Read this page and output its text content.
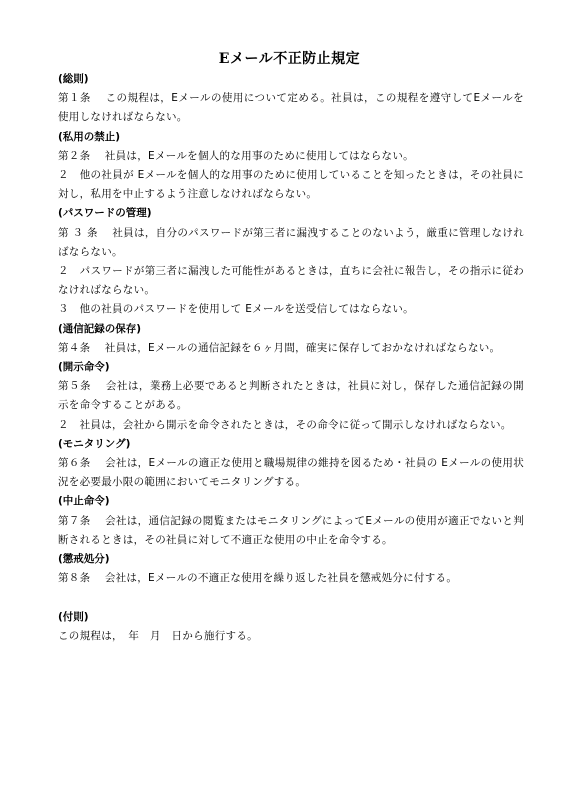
Eメール不正防止規定
(総則)
第１条　 この規程は，Eメールの使用について定める。社員は，この規程を遵守してEメールを使用しなければならない。
(私用の禁止)
第２条　 社員は，Eメールを個人的な用事のために使用してはならない。
２　他の社員が Eメールを個人的な用事のために使用していることを知ったときは，その社員に対し，私用を中止するよう注意しなければならない。
(パスワードの管理)
第 ３ 条　 社員は，自分のパスワードが第三者に漏洩することのないよう，厳重に管理しなければならない。
２　パスワードが第三者に漏洩した可能性があるときは，直ちに会社に報告し，その指示に従わなければならない。
３　他の社員のパスワードを使用して Eメールを送受信してはならない。
(通信記録の保存)
第４条　 社員は，Eメールの通信記録を６ヶ月間，確実に保存しておかなければならない。
(開示命令)
第５条　 会社は，業務上必要であると判断されたときは，社員に対し，保存した通信記録の開示を命令することがある。
２　社員は，会社から開示を命令されたときは，その命令に従って開示しなければならない。
(モニタリング)
第６条　 会社は，Eメールの適正な使用と職場規律の維持を図るため・社員の Eメールの使用状況を必要最小限の範囲においてモニタリングする。
(中止命令)
第７条　 会社は，通信記録の閲覧またはモニタリングによってEメールの使用が適正でないと判断されるときは，その社員に対して不適正な使用の中止を命令する。
(懲戒処分)
第８条　 会社は，Eメールの不適正な使用を繰り返した社員を懲戒処分に付する。
(付則)
この規程は，　年　月　日から施行する。
